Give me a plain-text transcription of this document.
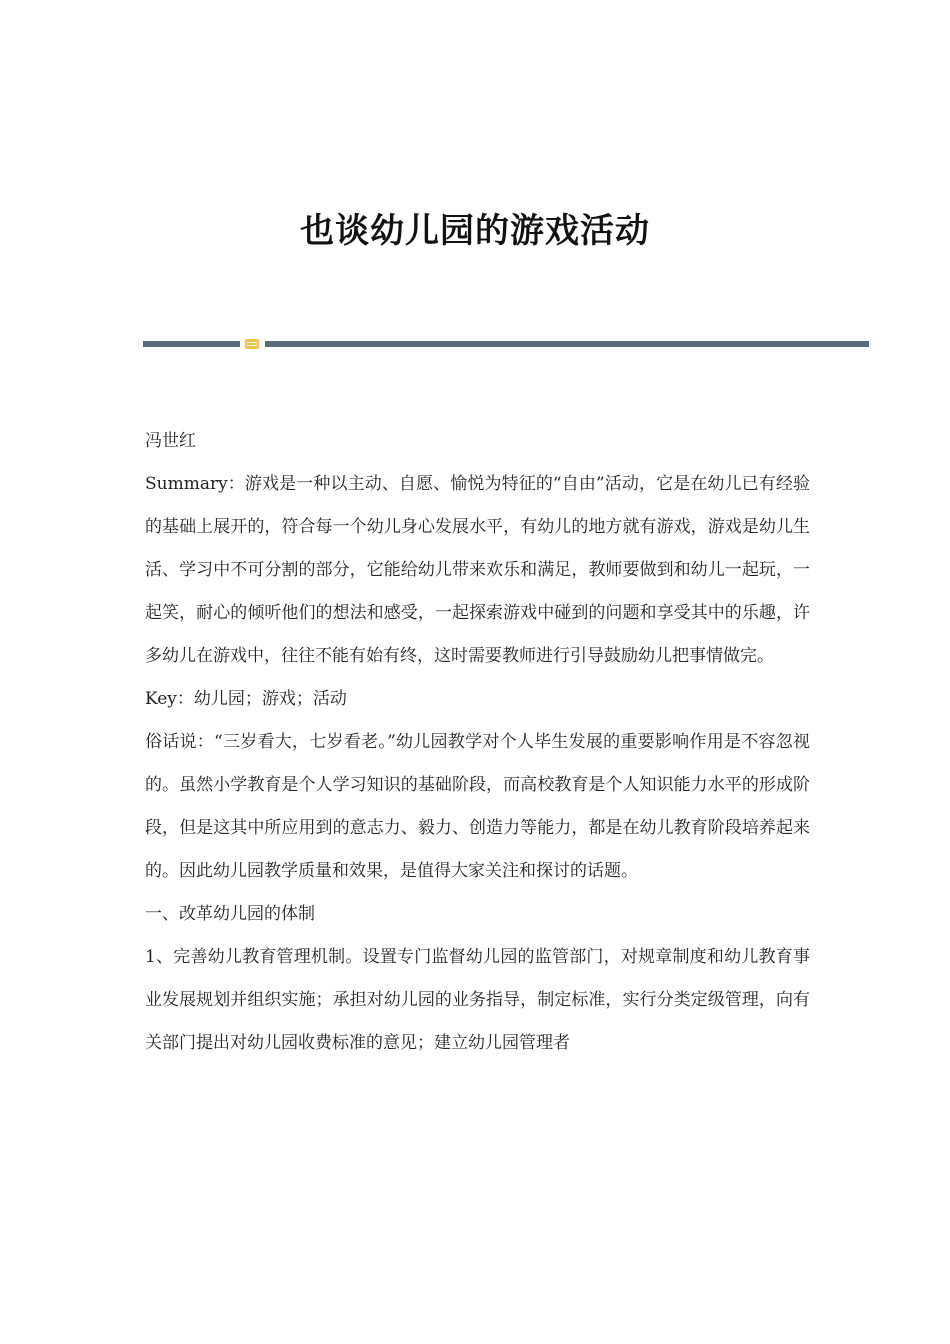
也谈幼儿园的游戏活动

冯世红

Summary：游戏是一种以主动、自愿、愉悦为特征的“自由”活动，它是在幼儿已有经验的基础上展开的，符合每一个幼儿身心发展水平，有幼儿的地方就有游戏，游戏是幼儿生活、学习中不可分割的部分，它能给幼儿带来欢乐和满足，教师要做到和幼儿一起玩，一起笑，耐心的倾听他们的想法和感受，一起探索游戏中碰到的问题和享受其中的乐趣，许多幼儿在游戏中，往往不能有始有终，这时需要教师进行引导鼓励幼儿把事情做完。

Key：幼儿园；游戏；活动

俗话说：“三岁看大，七岁看老。”幼儿园教学对个人毕生发展的重要影响作用是不容忽视的。虽然小学教育是个人学习知识的基础阶段，而高校教育是个人知识能力水平的形成阶段，但是这其中所应用到的意志力、毅力、创造力等能力，都是在幼儿教育阶段培养起来的。因此幼儿园教学质量和效果，是值得大家关注和探讨的话题。

一、改革幼儿园的体制

1、完善幼儿教育管理机制。设置专门监督幼儿园的监管部门，对规章制度和幼儿教育事业发展规划并组织实施；承担对幼儿园的业务指导，制定标准，实行分类定级管理，向有关部门提出对幼儿园收费标准的意见；建立幼儿园管理者
